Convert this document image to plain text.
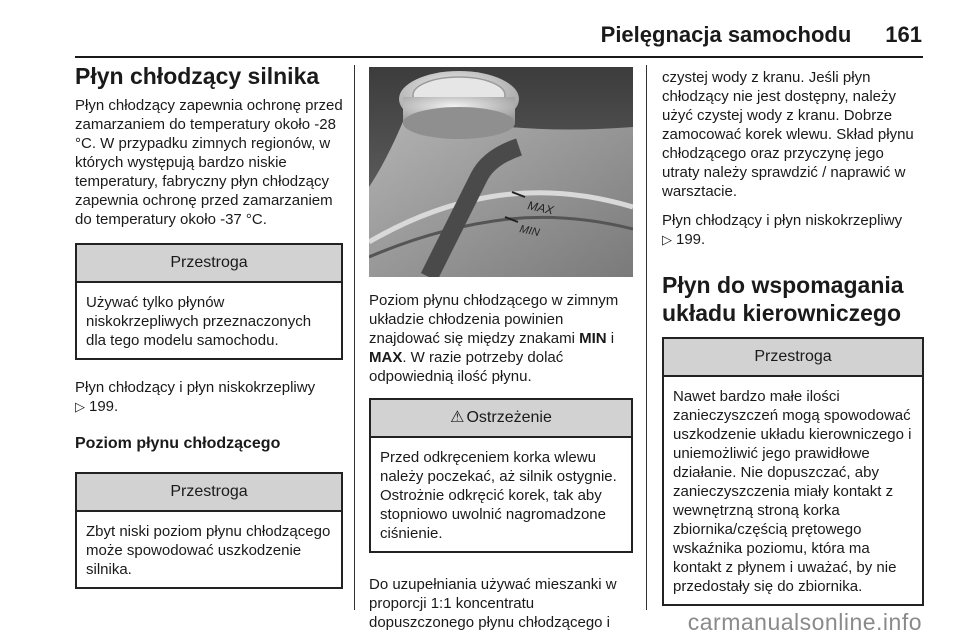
Pielęgnacja samochodu 161
Płyn chłodzący silnika

Płyn chłodzący zapewnia ochronę przed zamarzaniem do temperatury około -28 °C. W przypadku zimnych regionów, w których występują bardzo niskie temperatury, fabryczny płyn chłodzący zapewnia ochronę przed zamarzaniem do temperatury około -37 °C.

Przestroga
Używać tylko płynów niskokrzepliwych przeznaczonych dla tego modelu samochodu.

Płyn chłodzący i płyn niskokrzepliwy
▷ 199.

Poziom płynu chłodzącego
Przestroga
Zbyt niski poziom płynu chłodzącego może spowodować uszkodzenie silnika.
MAX
MIN

Poziom płynu chłodzącego w zimnym układzie chłodzenia powinien znajdować się między znakami MIN i MAX. W razie potrzeby dolać odpowiednią ilość płynu.

⚠ Ostrzeżenie
Przed odkręceniem korka wlewu należy poczekać, aż silnik ostygnie. Ostrożnie odkręcić korek, tak aby stopniowo uwolnić nagromadzone ciśnienie.

Do uzupełniania używać mieszanki w proporcji 1:1 koncentratu dopuszczonego płynu chłodzącego i

czystej wody z kranu. Jeśli płyn chłodzący nie jest dostępny, należy użyć czystej wody z kranu. Dobrze zamocować korek wlewu. Skład płynu chłodzącego oraz przyczynę jego utraty należy sprawdzić / naprawić w warsztacie.

Płyn chłodzący i płyn niskokrzepliwy
▷ 199.

Płyn do wspomagania układu kierowniczego
Przestroga
Nawet bardzo małe ilości zanieczyszczeń mogą spowodować uszkodzenie układu kierowniczego i uniemożliwić jego prawidłowe działanie. Nie dopuszczać, aby zanieczyszczenia miały kontakt z wewnętrzną stroną korka zbiornika/częścią prętowego wskaźnika poziomu, która ma kontakt z płynem i uważać, by nie przedostały się do zbiornika.
carmanualsonline.info
